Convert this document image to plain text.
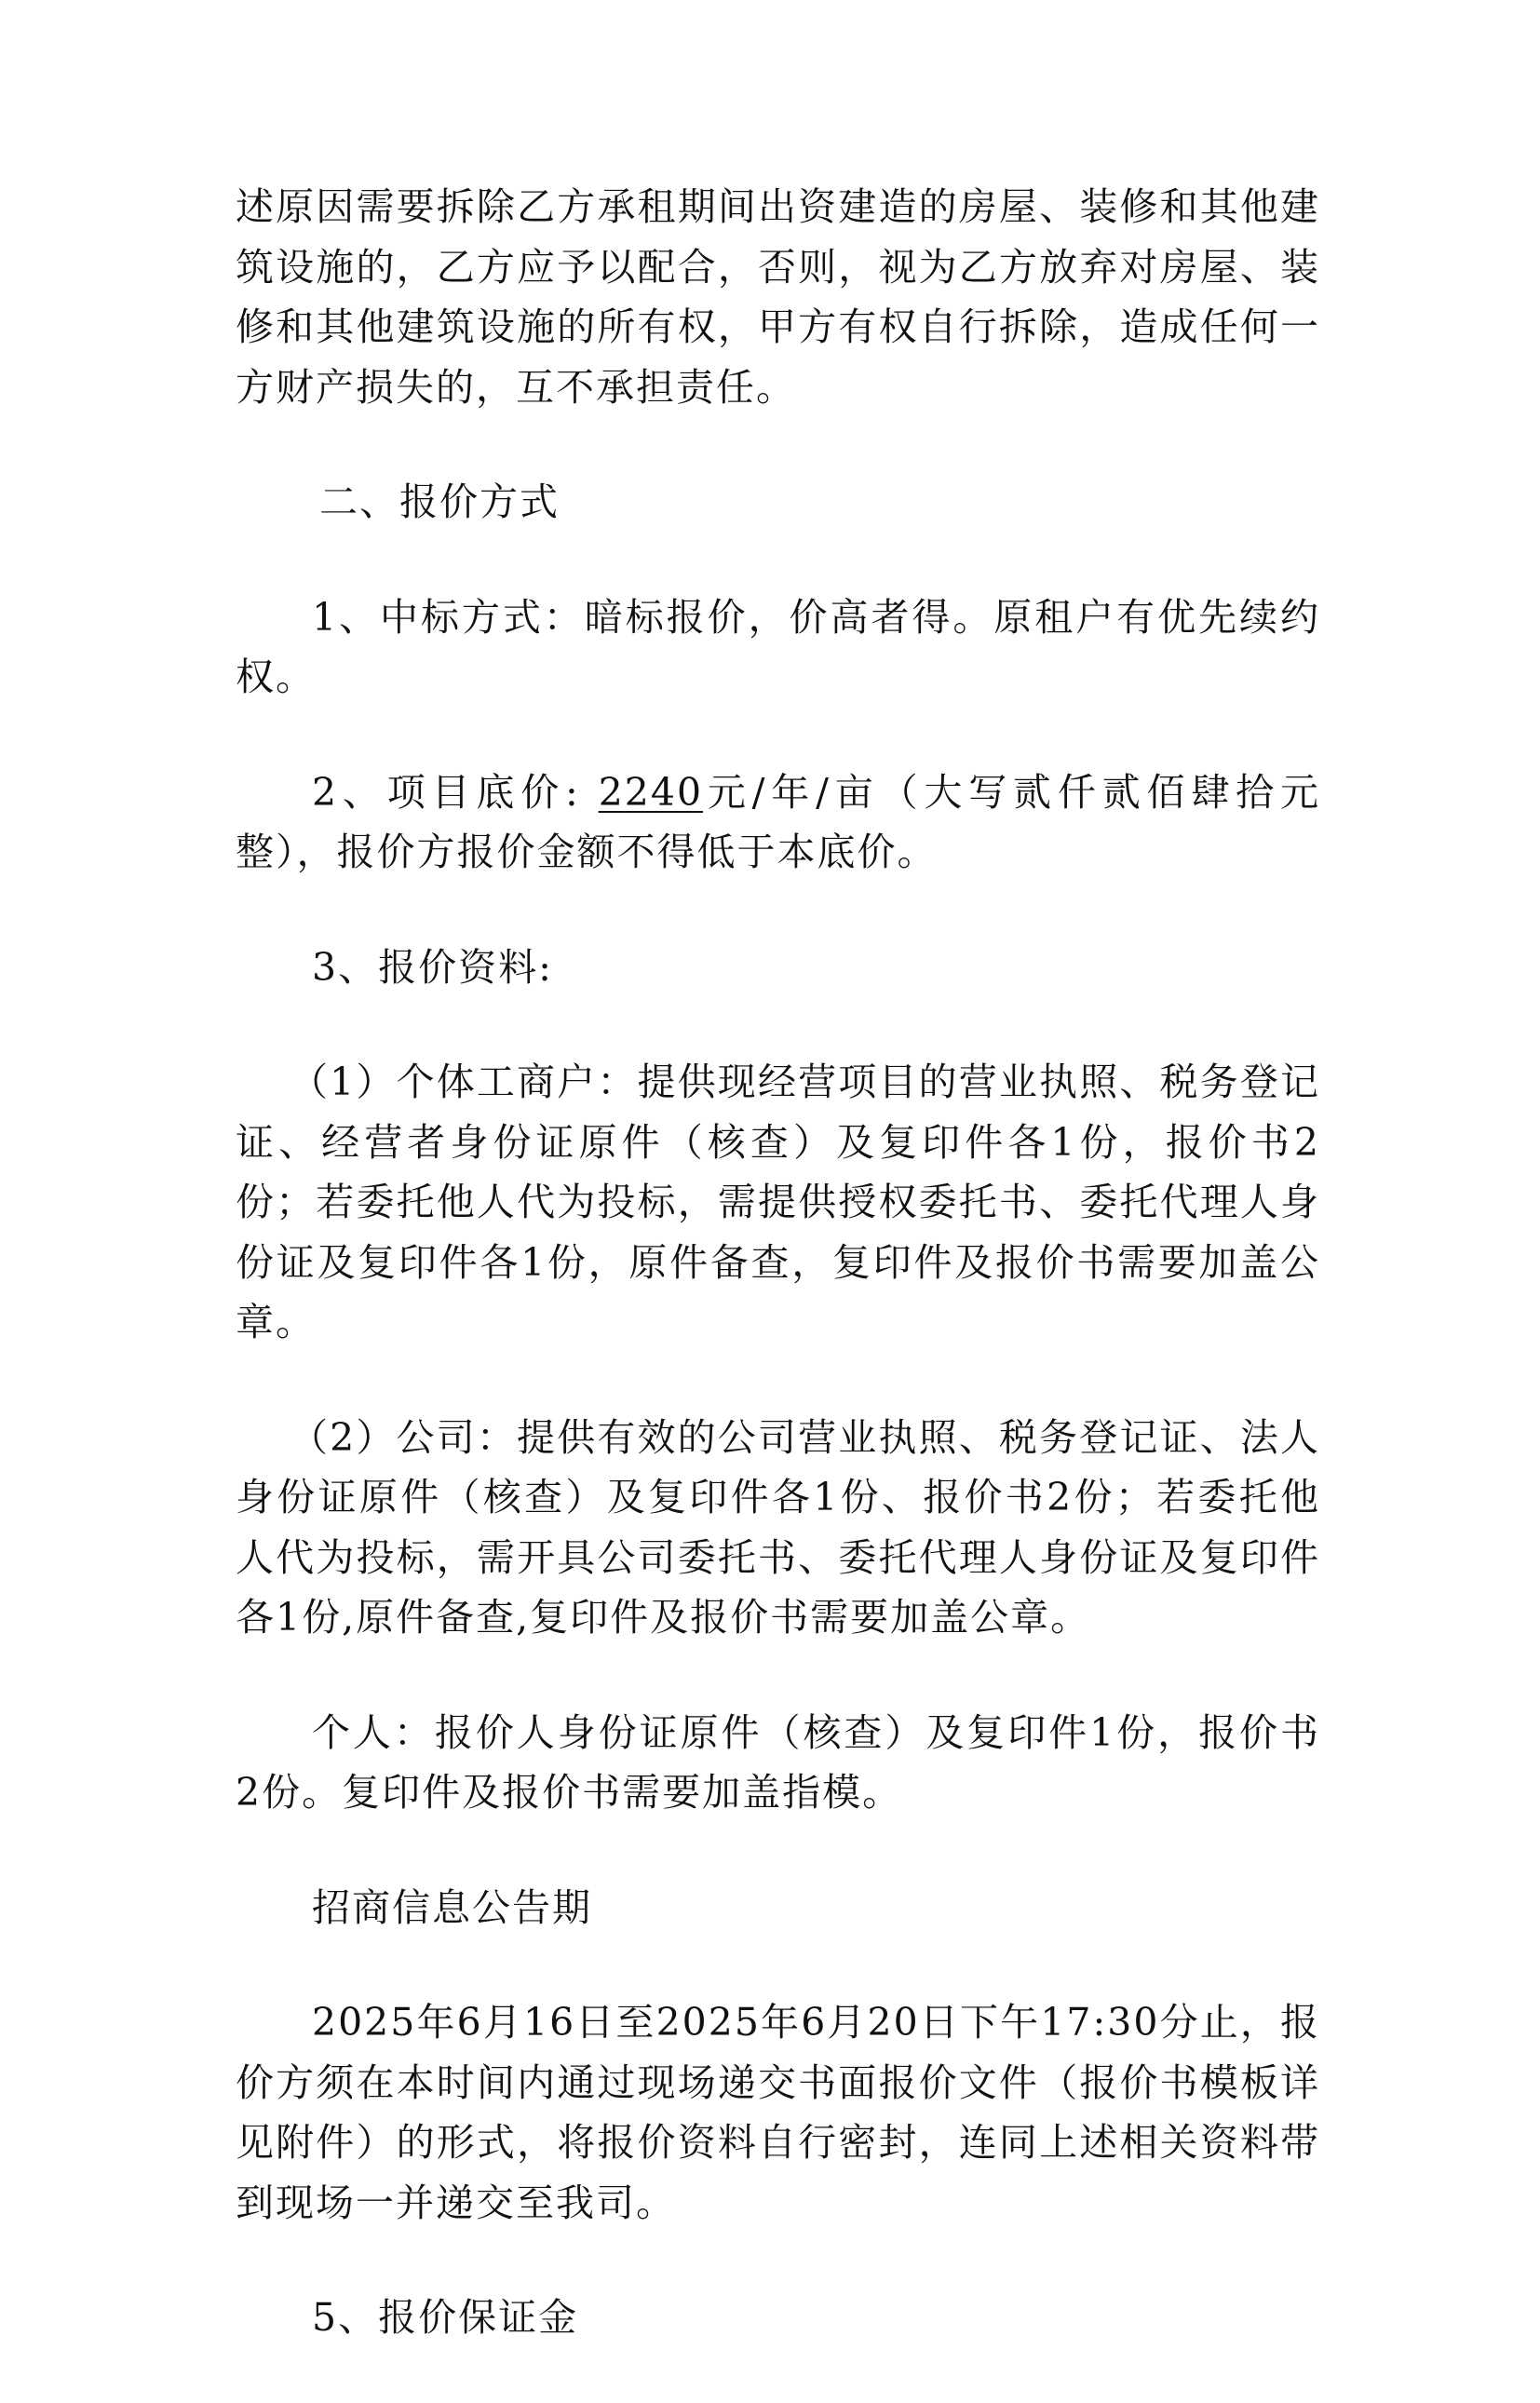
述原因需要拆除乙方承租期间出资建造的房屋、装修和其他建筑设施的，乙方应予以配合，否则，视为乙方放弃对房屋、装修和其他建筑设施的所有权，甲方有权自行拆除，造成任何一方财产损失的，互不承担责任。

二、报价方式

1、中标方式：暗标报价，价高者得。原租户有优先续约权。

2、项目底价: 2240元/年/亩（大写贰仟贰佰肆拾元整），报价方报价金额不得低于本底价。

3、报价资料:

（1）个体工商户：提供现经营项目的营业执照、税务登记证、经营者身份证原件（核查）及复印件各1份，报价书2份；若委托他人代为投标，需提供授权委托书、委托代理人身份证及复印件各1份，原件备查，复印件及报价书需要加盖公章。

（2）公司：提供有效的公司营业执照、税务登记证、法人身份证原件（核查）及复印件各1份、报价书2份；若委托他人代为投标，需开具公司委托书、委托代理人身份证及复印件各1份,原件备查,复印件及报价书需要加盖公章。

个人：报价人身份证原件（核查）及复印件1份，报价书2份。复印件及报价书需要加盖指模。

招商信息公告期

2025年6月16日至2025年6月20日下午17:30分止，报价方须在本时间内通过现场递交书面报价文件（报价书模板详见附件）的形式，将报价资料自行密封，连同上述相关资料带到现场一并递交至我司。

5、报价保证金
